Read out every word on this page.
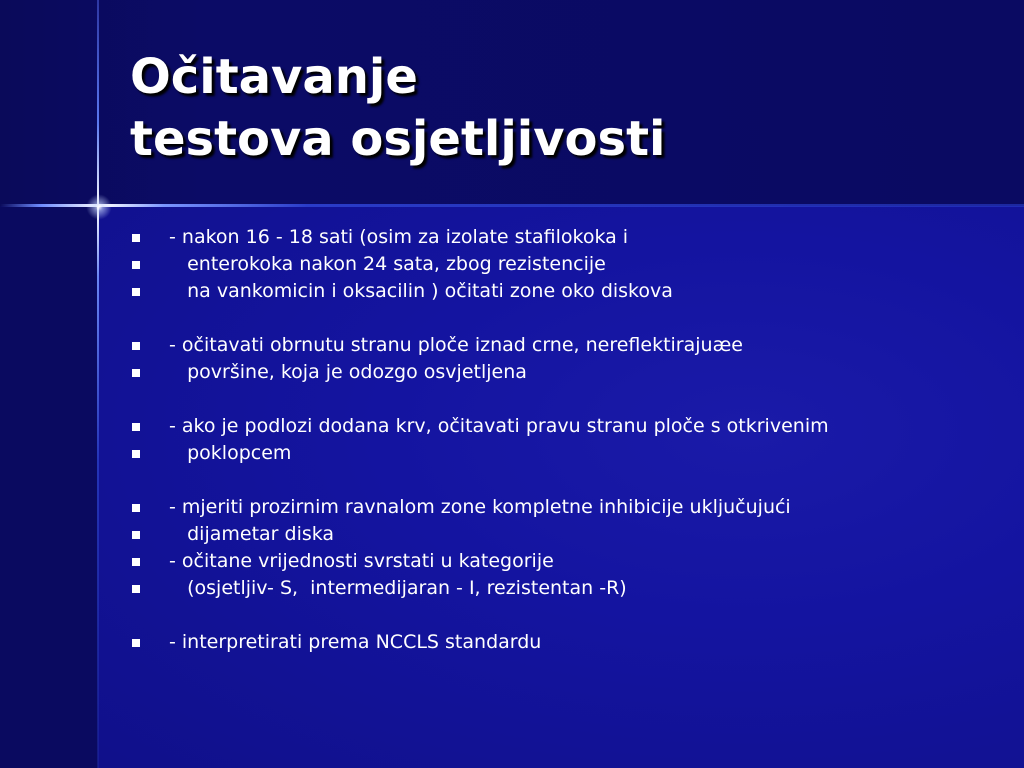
Očitavanje
testova osjetljivosti
- nakon 16 - 18 sati (osim za izolate stafilokoka i
enterokoka nakon 24 sata, zbog rezistencije
na vankomicin i oksacilin ) očitati zone oko diskova
- očitavati obrnutu stranu ploče iznad crne, nereflektirajuæe
površine, koja je odozgo osvjetljena
- ako je podlozi dodana krv, očitavati pravu stranu ploče s otkrivenim
poklopcem
- mjeriti prozirnim ravnalom zone kompletne inhibicije uključujući
dijametar diska
- očitane vrijednosti svrstati u kategorije
(osjetljiv- S,  intermedijaran - I, rezistentan -R)
- interpretirati prema NCCLS standardu
